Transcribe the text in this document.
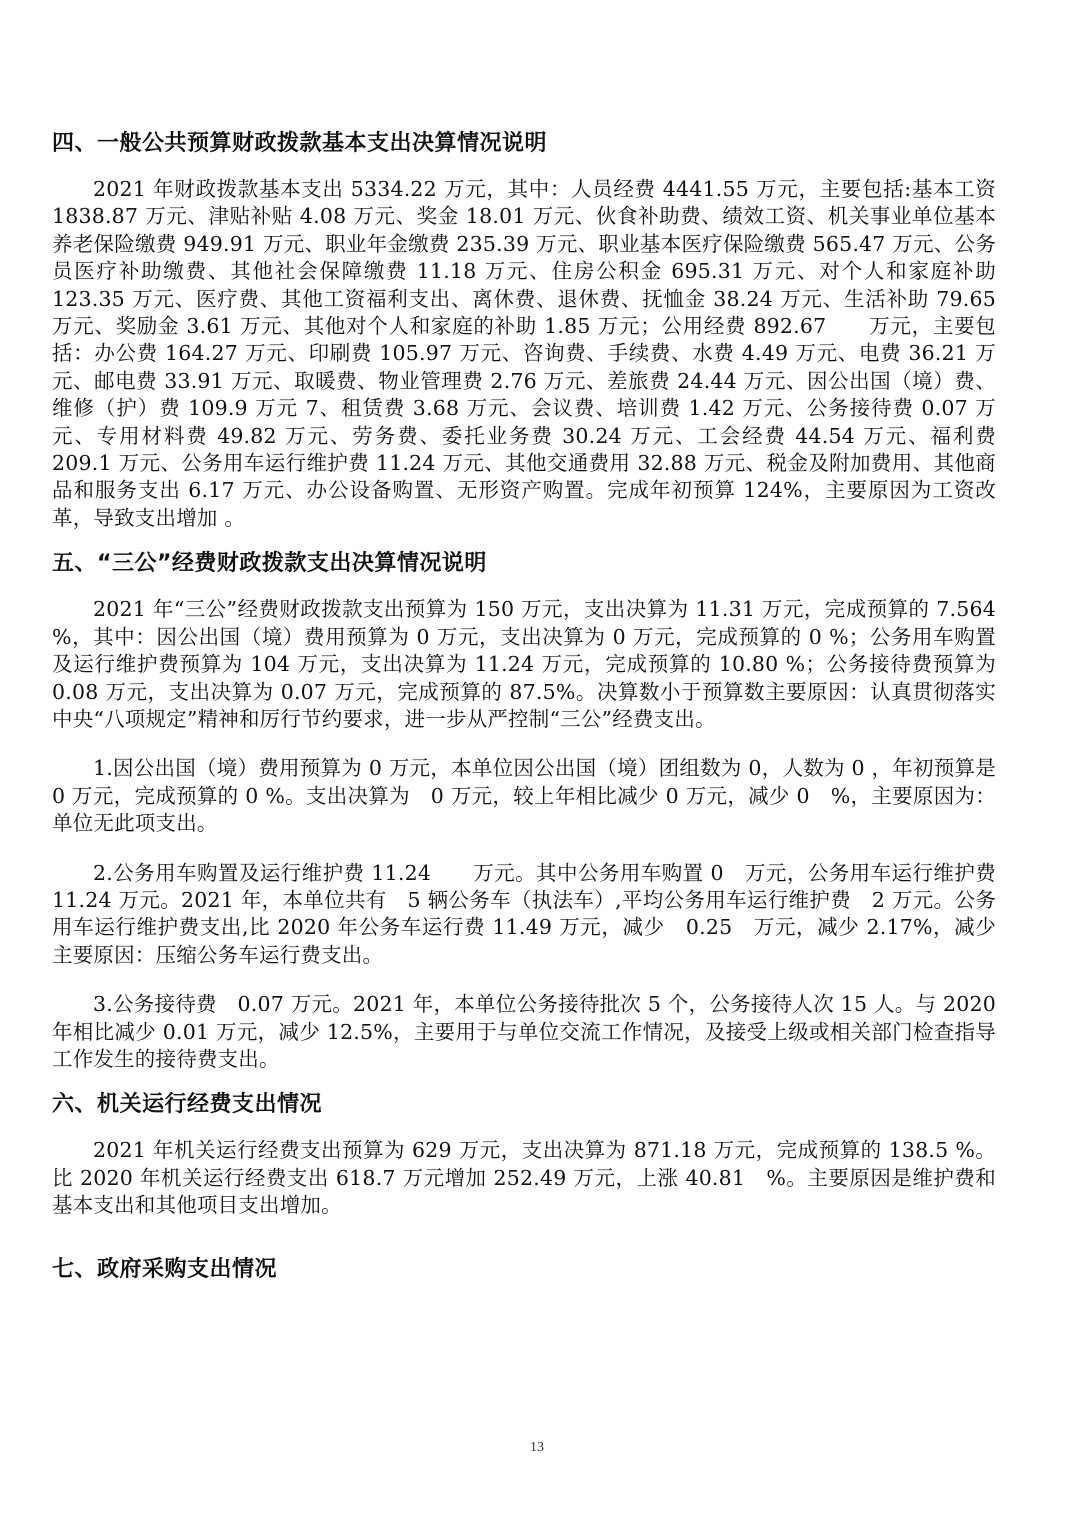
四、一般公共预算财政拨款基本支出决算情况说明

2021 年财政拨款基本支出 5334.22 万元，其中：人员经费 4441.55 万元，主要包括:基本工资 1838.87 万元、津贴补贴 4.08 万元、奖金 18.01 万元、伙食补助费、绩效工资、机关事业单位基本养老保险缴费 949.91 万元、职业年金缴费 235.39 万元、职业基本医疗保险缴费 565.47 万元、公务员医疗补助缴费、其他社会保障缴费 11.18 万元、住房公积金 695.31 万元、对个人和家庭补助 123.35 万元、医疗费、其他工资福利支出、离休费、退休费、抚恤金 38.24 万元、生活补助 79.65 万元、奖励金 3.61 万元、其他对个人和家庭的补助 1.85 万元；公用经费 892.67　　万元，主要包括：办公费 164.27 万元、印刷费 105.97 万元、咨询费、手续费、水费 4.49 万元、电费 36.21 万元、邮电费 33.91 万元、取暖费、物业管理费 2.76 万元、差旅费 24.44 万元、因公出国（境）费、维修（护）费 109.9 万元 7、租赁费 3.68 万元、会议费、培训费 1.42 万元、公务接待费 0.07 万元、专用材料费 49.82 万元、劳务费、委托业务费 30.24 万元、工会经费 44.54 万元、福利费 209.1 万元、公务用车运行维护费 11.24 万元、其他交通费用 32.88 万元、税金及附加费用、其他商品和服务支出 6.17 万元、办公设备购置、无形资产购置。完成年初预算 124%，主要原因为工资改革，导致支出增加 。

五、“三公”经费财政拨款支出决算情况说明

2021 年“三公”经费财政拨款支出预算为 150 万元，支出决算为 11.31 万元，完成预算的 7.564 %，其中：因公出国（境）费用预算为 0 万元，支出决算为 0 万元，完成预算的 0 %；公务用车购置及运行维护费预算为 104 万元，支出决算为 11.24 万元，完成预算的 10.80 %；公务接待费预算为 0.08 万元，支出决算为 0.07 万元，完成预算的 87.5%。决算数小于预算数主要原因：认真贯彻落实中央“八项规定”精神和厉行节约要求，进一步从严控制“三公”经费支出。

1.因公出国（境）费用预算为 0 万元，本单位因公出国（境）团组数为 0，人数为 0 ，年初预算是 0 万元，完成预算的 0 %。支出决算为　0 万元，较上年相比减少 0 万元，减少 0　%，主要原因为：单位无此项支出。

2.公务用车购置及运行维护费 11.24　　万元。其中公务用车购置 0　万元，公务用车运行维护费 11.24 万元。2021 年，本单位共有　5 辆公务车（执法车）,平均公务用车运行维护费　2 万元。公务用车运行维护费支出,比 2020 年公务车运行费 11.49 万元，减少　0.25　万元，减少 2.17%，减少主要原因：压缩公务车运行费支出。

3.公务接待费　0.07 万元。2021 年，本单位公务接待批次 5 个，公务接待人次 15 人。与 2020 年相比减少 0.01 万元，减少 12.5%，主要用于与单位交流工作情况，及接受上级或相关部门检查指导工作发生的接待费支出。

六、机关运行经费支出情况

2021 年机关运行经费支出预算为 629 万元，支出决算为 871.18 万元，完成预算的 138.5 %。比 2020 年机关运行经费支出 618.7 万元增加 252.49 万元，上涨 40.81　%。主要原因是维护费和基本支出和其他项目支出增加。

七、政府采购支出情况
13
